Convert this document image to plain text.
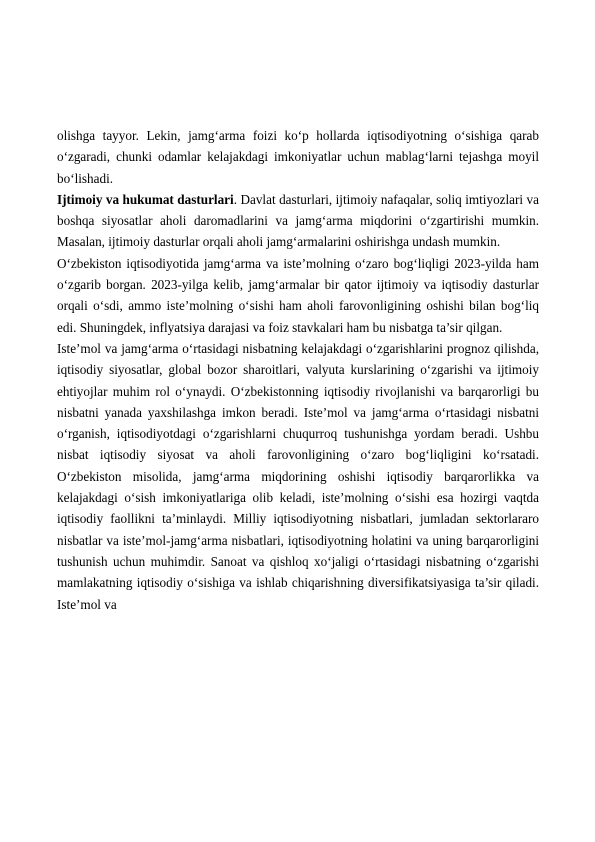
olishga tayyor. Lekin, jamg‘arma foizi ko‘p hollarda iqtisodiyotning o‘sishiga qarab o‘zgaradi, chunki odamlar kelajakdagi imkoniyatlar uchun mablag‘larni tejashga moyil bo‘lishadi.

Ijtimoiy va hukumat dasturlari. Davlat dasturlari, ijtimoiy nafaqalar, soliq imtiyozlari va boshqa siyosatlar aholi daromadlarini va jamg‘arma miqdorini o‘zgartirishi mumkin. Masalan, ijtimoiy dasturlar orqali aholi jamg‘armalarini oshirishga undash mumkin.

O‘zbekiston iqtisodiyotida jamg‘arma va iste’molning o‘zaro bog‘liqligi 2023-yilda ham o‘zgarib borgan. 2023-yilga kelib, jamg‘armalar bir qator ijtimoiy va iqtisodiy dasturlar orqali o‘sdi, ammo iste’molning o‘sishi ham aholi farovonligining oshishi bilan bog‘liq edi. Shuningdek, inflyatsiya darajasi va foiz stavkalari ham bu nisbatga ta’sir qilgan.

Iste’mol va jamg‘arma o‘rtasidagi nisbatning kelajakdagi o‘zgarishlarini prognoz qilishda, iqtisodiy siyosatlar, global bozor sharoitlari, valyuta kurslarining o‘zgarishi va ijtimoiy ehtiyojlar muhim rol o‘ynaydi. O‘zbekistonning iqtisodiy rivojlanishi va barqarorligi bu nisbatni yanada yaxshilashga imkon beradi. Iste’mol va jamg‘arma o‘rtasidagi nisbatni o‘rganish, iqtisodiyotdagi o‘zgarishlarni chuqurroq tushunishga yordam beradi. Ushbu nisbat iqtisodiy siyosat va aholi farovonligining o‘zaro bog‘liqligini ko‘rsatadi. O‘zbekiston misolida, jamg‘arma miqdorining oshishi iqtisodiy barqarorlikka va kelajakdagi o‘sish imkoniyatlariga olib keladi, iste’molning o‘sishi esa hozirgi vaqtda iqtisodiy faollikni ta’minlaydi. Milliy iqtisodiyotning nisbatlari, jumladan sektorlararo nisbatlar va iste’mol-jamg‘arma nisbatlari, iqtisodiyotning holatini va uning barqarorligini tushunish uchun muhimdir. Sanoat va qishloq xo‘jaligi o‘rtasidagi nisbatning o‘zgarishi mamlakatning iqtisodiy o‘sishiga va ishlab chiqarishning diversifikatsiyasiga ta’sir qiladi. Iste’mol va
